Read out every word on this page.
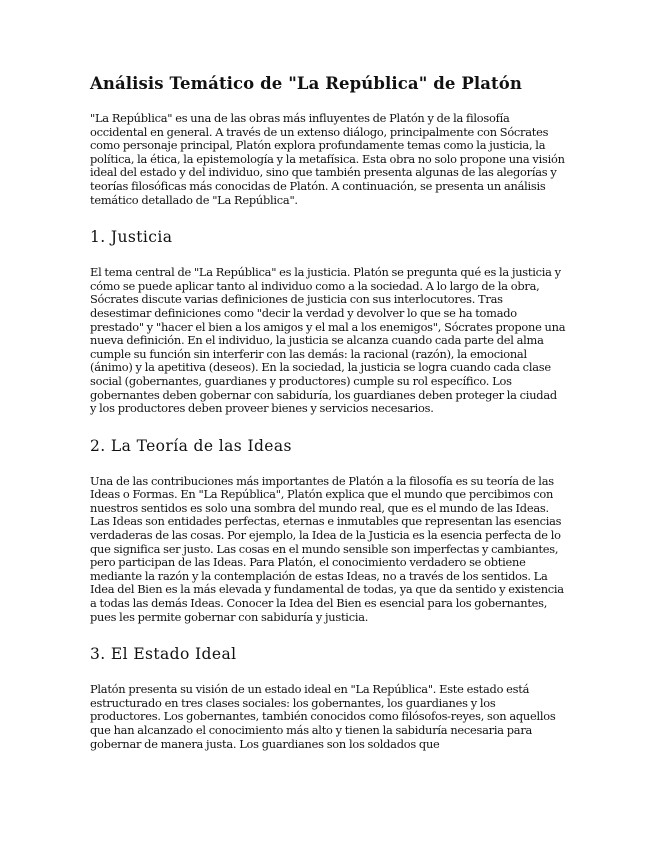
Análisis Temático de "La República" de Platón

"La República" es una de las obras más influyentes de Platón y de la filosofía occidental en general. A través de un extenso diálogo, principalmente con Sócrates como personaje principal, Platón explora profundamente temas como la justicia, la política, la ética, la epistemología y la metafísica. Esta obra no solo propone una visión ideal del estado y del individuo, sino que también presenta algunas de las alegorías y teorías filosóficas más conocidas de Platón. A continuación, se presenta un análisis temático detallado de "La República".

1. Justicia

El tema central de "La República" es la justicia. Platón se pregunta qué es la justicia y cómo se puede aplicar tanto al individuo como a la sociedad. A lo largo de la obra, Sócrates discute varias definiciones de justicia con sus interlocutores. Tras desestimar definiciones como "decir la verdad y devolver lo que se ha tomado prestado" y "hacer el bien a los amigos y el mal a los enemigos", Sócrates propone una nueva definición. En el individuo, la justicia se alcanza cuando cada parte del alma cumple su función sin interferir con las demás: la racional (razón), la emocional (ánimo) y la apetitiva (deseos). En la sociedad, la justicia se logra cuando cada clase social (gobernantes, guardianes y productores) cumple su rol específico. Los gobernantes deben gobernar con sabiduría, los guardianes deben proteger la ciudad y los productores deben proveer bienes y servicios necesarios.

2. La Teoría de las Ideas

Una de las contribuciones más importantes de Platón a la filosofía es su teoría de las Ideas o Formas. En "La República", Platón explica que el mundo que percibimos con nuestros sentidos es solo una sombra del mundo real, que es el mundo de las Ideas. Las Ideas son entidades perfectas, eternas e inmutables que representan las esencias verdaderas de las cosas. Por ejemplo, la Idea de la Justicia es la esencia perfecta de lo que significa ser justo. Las cosas en el mundo sensible son imperfectas y cambiantes, pero participan de las Ideas. Para Platón, el conocimiento verdadero se obtiene mediante la razón y la contemplación de estas Ideas, no a través de los sentidos. La Idea del Bien es la más elevada y fundamental de todas, ya que da sentido y existencia a todas las demás Ideas. Conocer la Idea del Bien es esencial para los gobernantes, pues les permite gobernar con sabiduría y justicia.

3. El Estado Ideal

Platón presenta su visión de un estado ideal en "La República". Este estado está estructurado en tres clases sociales: los gobernantes, los guardianes y los productores. Los gobernantes, también conocidos como filósofos-reyes, son aquellos que han alcanzado el conocimiento más alto y tienen la sabiduría necesaria para gobernar de manera justa. Los guardianes son los soldados que
